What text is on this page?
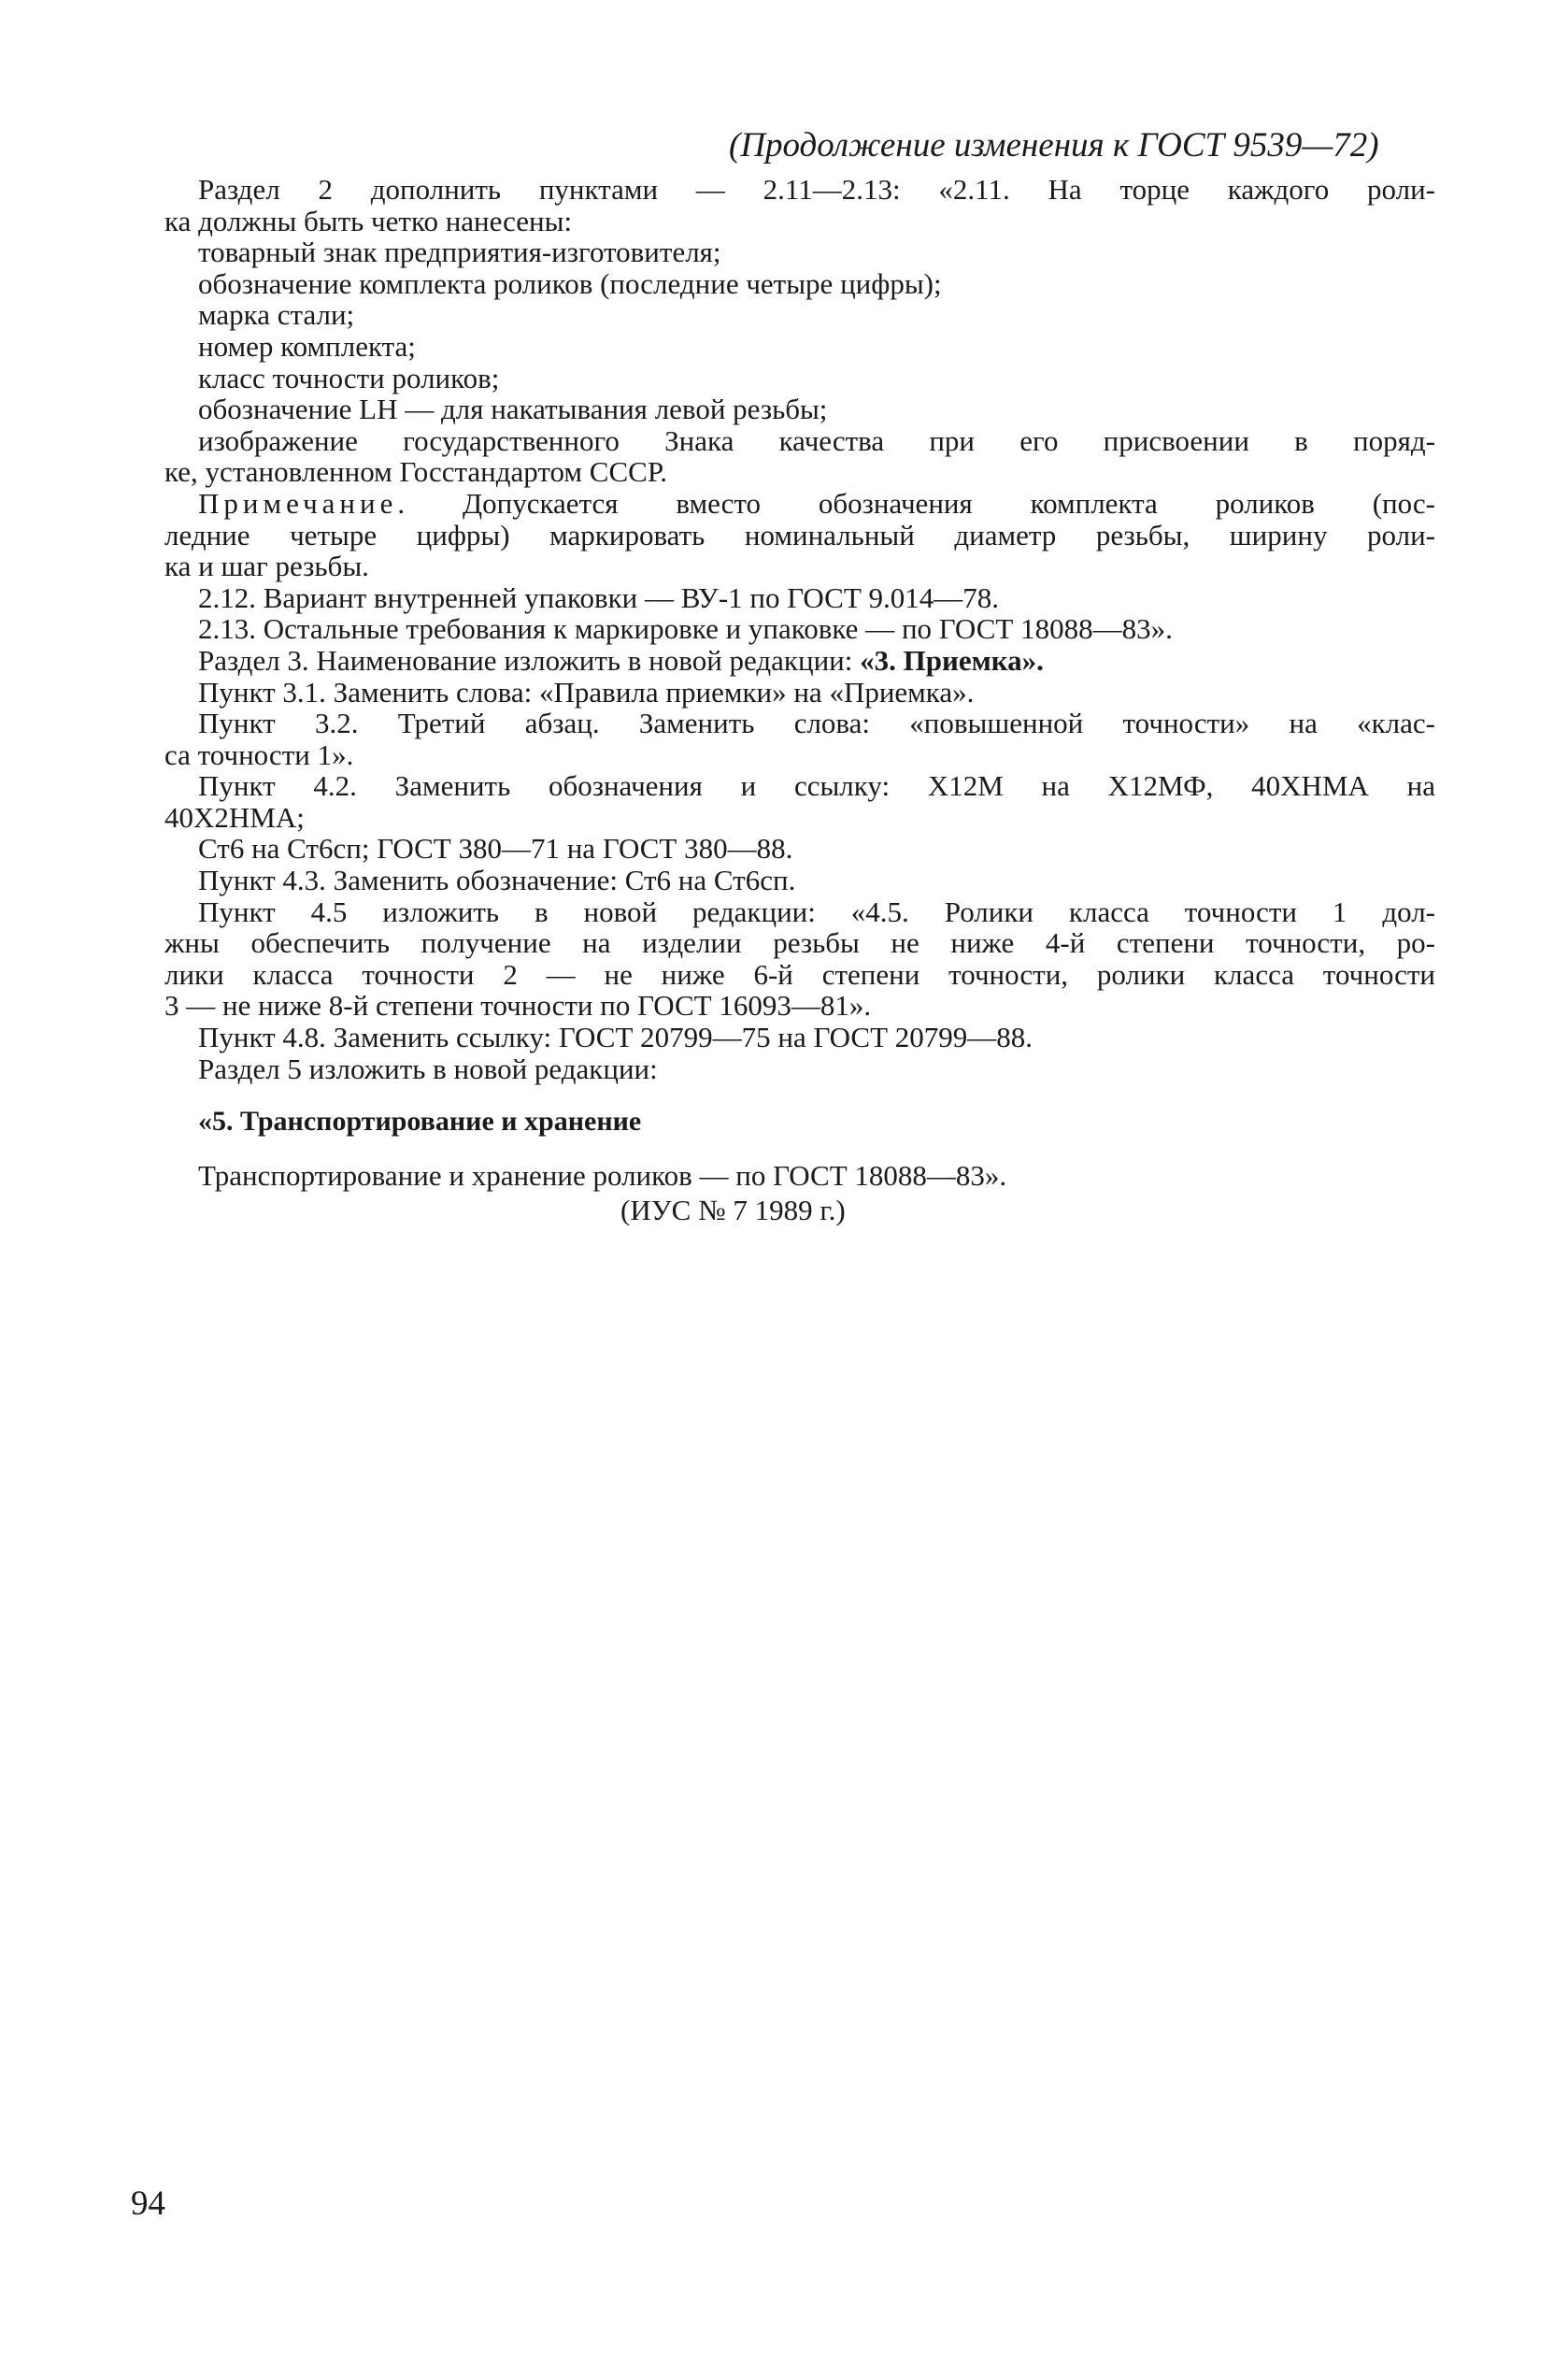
(Продолжение изменения к ГОСТ 9539—72)
Раздел 2 дополнить пунктами — 2.11—2.13: «2.11. На торце каждого роли-
ка должны быть четко нанесены:
товарный знак предприятия-изготовителя;
обозначение комплекта роликов (последние четыре цифры);
марка стали;
номер комплекта;
класс точности роликов;
обозначение LH — для накатывания левой резьбы;
изображение государственного Знака качества при его присвоении в поряд-
ке, установленном Госстандартом СССР.
Примечание. Допускается вместо обозначения комплекта роликов (пос-
ледние четыре цифры) маркировать номинальный диаметр резьбы, ширину роли-
ка и шаг резьбы.
2.12. Вариант внутренней упаковки — ВУ-1 по ГОСТ 9.014—78.
2.13. Остальные требования к маркировке и упаковке — по ГОСТ 18088—83».
Раздел 3. Наименование изложить в новой редакции: «3. Приемка».
Пункт 3.1. Заменить слова: «Правила приемки» на «Приемка».
Пункт 3.2. Третий абзац. Заменить слова: «повышенной точности» на «клас-
са точности 1».
Пункт 4.2. Заменить обозначения и ссылку: Х12М на Х12МФ, 40ХНМА на
40Х2НМА;
Ст6 на Ст6сп; ГОСТ 380—71 на ГОСТ 380—88.
Пункт 4.3. Заменить обозначение: Ст6 на Ст6сп.
Пункт 4.5 изложить в новой редакции: «4.5. Ролики класса точности 1 дол-
жны обеспечить получение на изделии резьбы не ниже 4-й степени точности, ро-
лики класса точности 2 — не ниже 6-й степени точности, ролики класса точности
3 — не ниже 8-й степени точности по ГОСТ 16093—81».
Пункт 4.8. Заменить ссылку: ГОСТ 20799—75 на ГОСТ 20799—88.
Раздел 5 изложить в новой редакции:
«5. Транспортирование и хранение
Транспортирование и хранение роликов — по ГОСТ 18088—83».
(ИУС № 7 1989 г.)
94
